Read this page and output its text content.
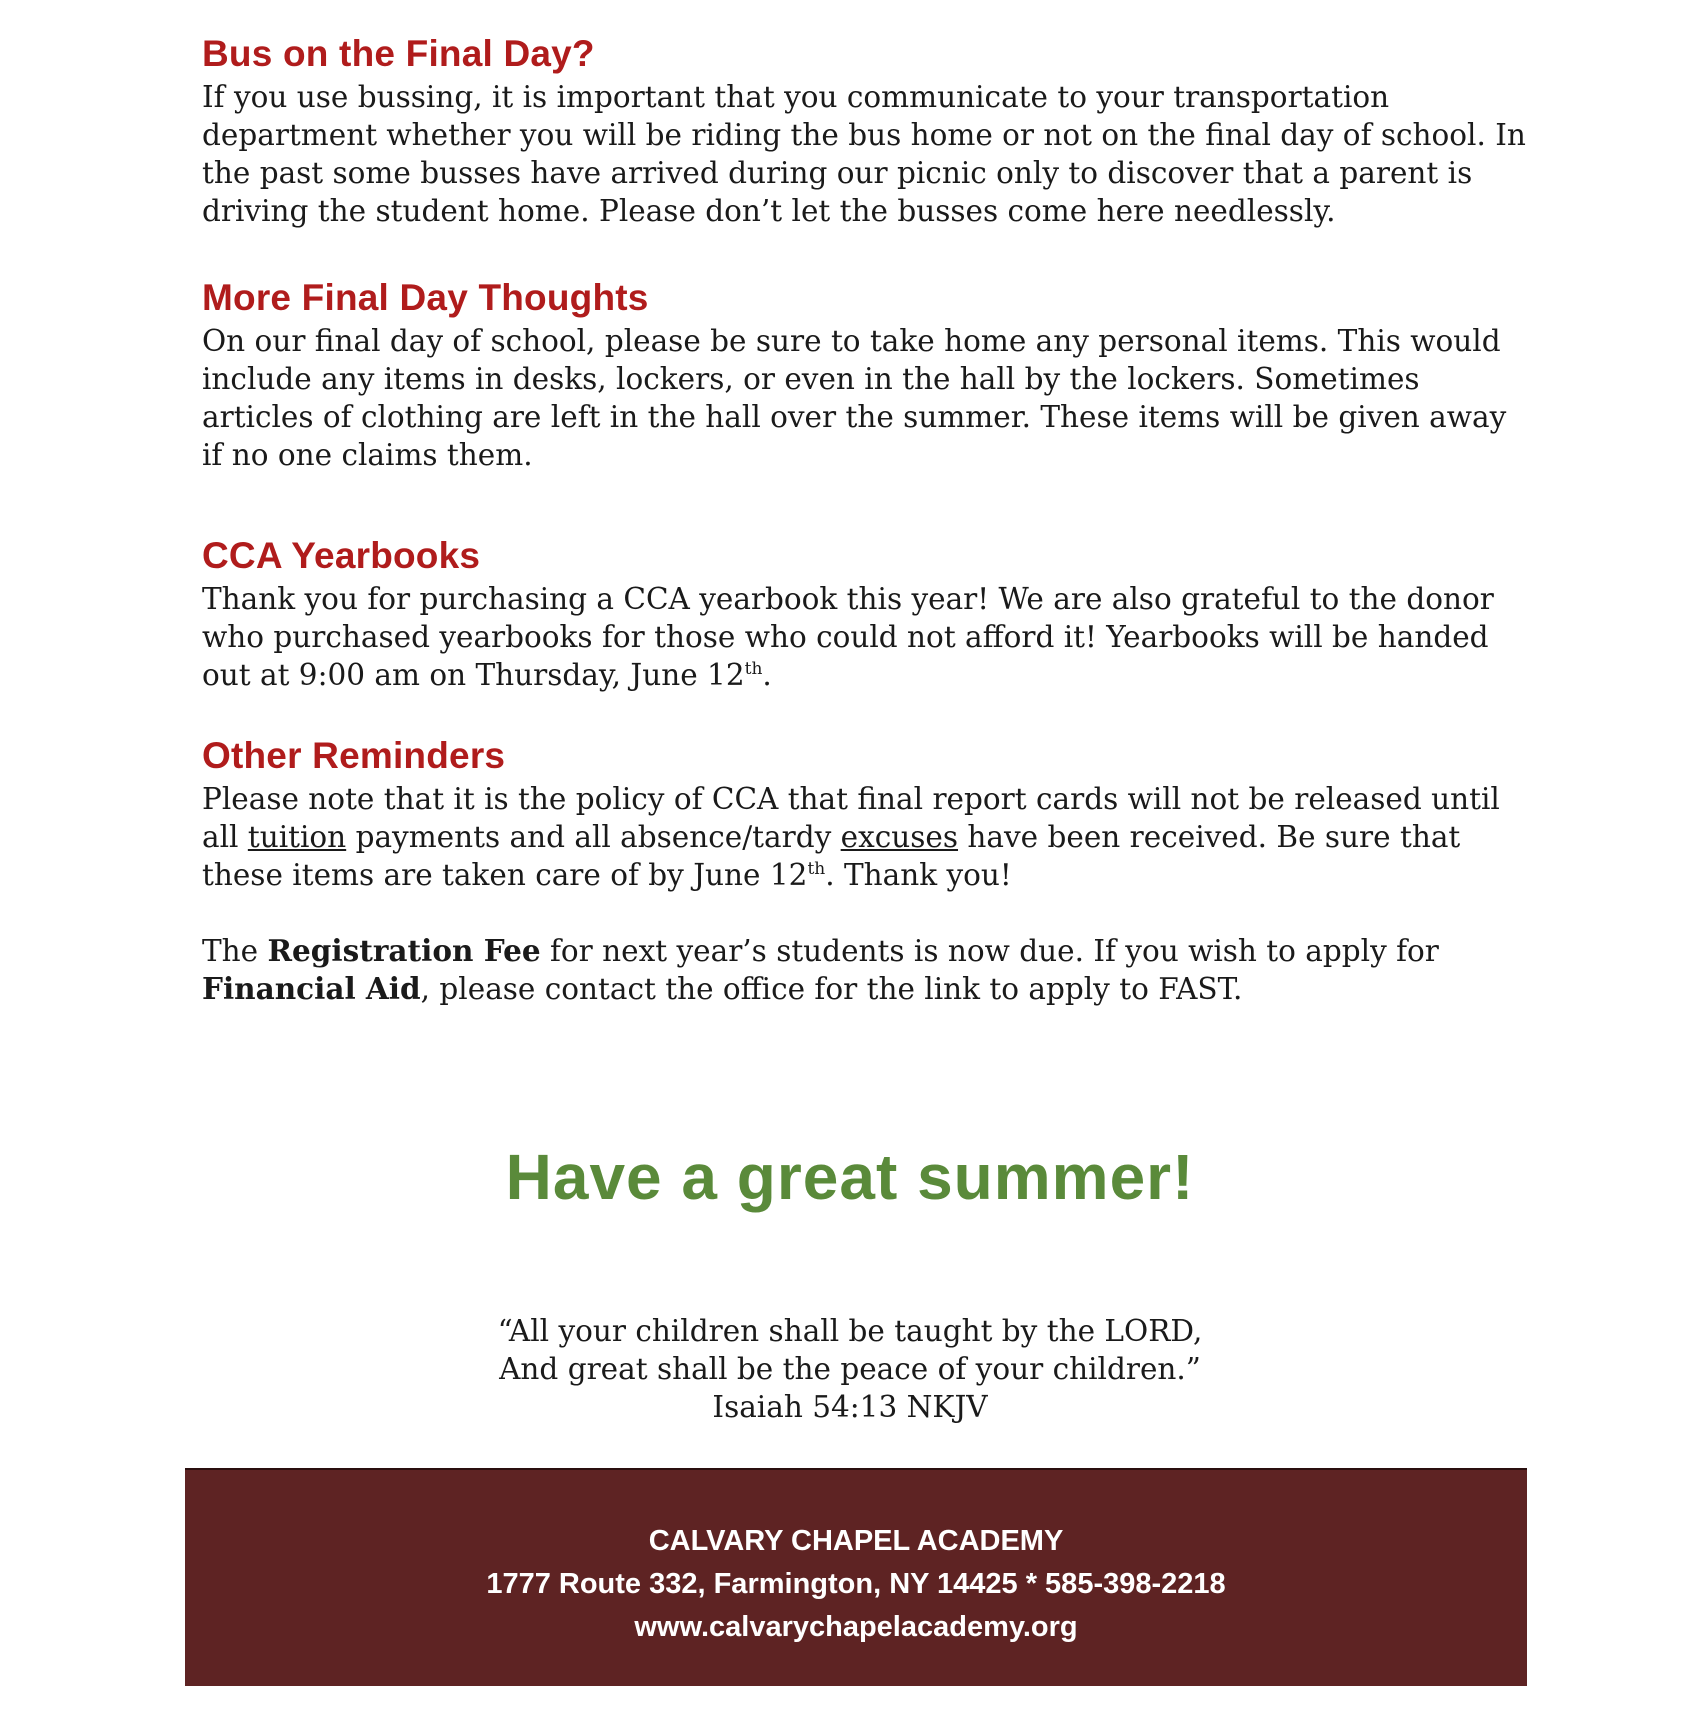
Bus on the Final Day?

If you use bussing, it is important that you communicate to your transportation department whether you will be riding the bus home or not on the final day of school. In the past some busses have arrived during our picnic only to discover that a parent is driving the student home. Please don’t let the busses come here needlessly.

More Final Day Thoughts

On our final day of school, please be sure to take home any personal items. This would include any items in desks, lockers, or even in the hall by the lockers. Sometimes articles of clothing are left in the hall over the summer. These items will be given away if no one claims them.

CCA Yearbooks

Thank you for purchasing a CCA yearbook this year! We are also grateful to the donor who purchased yearbooks for those who could not afford it! Yearbooks will be handed out at 9:00 am on Thursday, June 12th.

Other Reminders

Please note that it is the policy of CCA that final report cards will not be released until all tuition payments and all absence/tardy excuses have been received. Be sure that these items are taken care of by June 12th. Thank you!

The Registration Fee for next year’s students is now due. If you wish to apply for Financial Aid, please contact the office for the link to apply to FAST.

Have a great summer!
“All your children shall be taught by the LORD,
And great shall be the peace of your children.”
Isaiah 54:13 NKJV
CALVARY CHAPEL ACADEMY
1777 Route 332, Farmington, NY 14425 * 585-398-2218
www.calvarychapelacademy.org
